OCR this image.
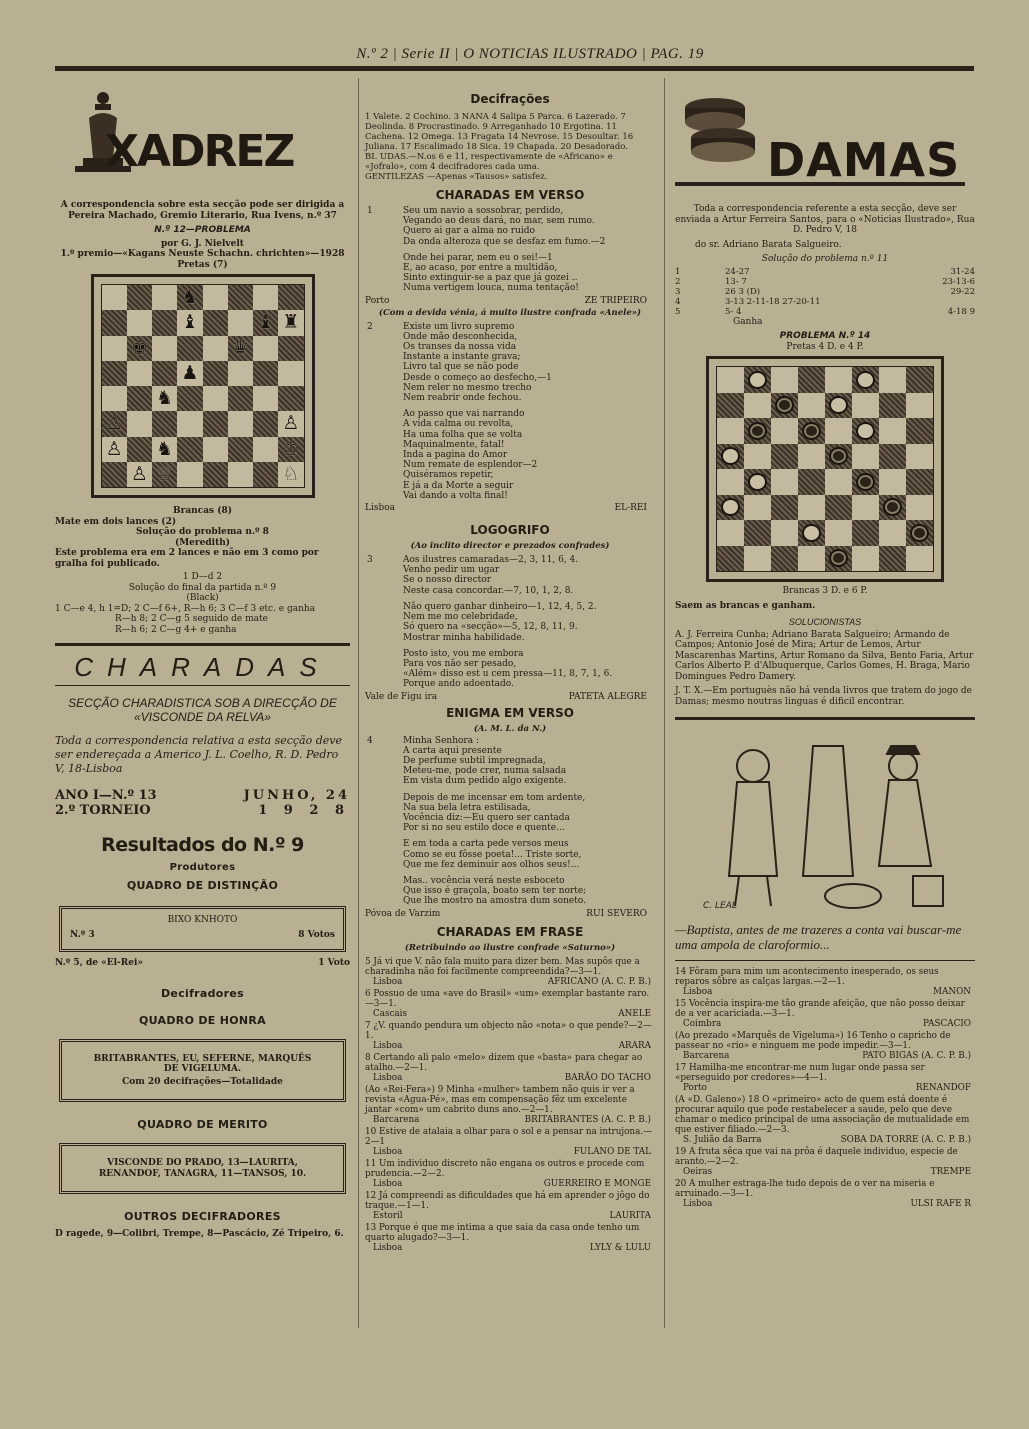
N.º 2 | Serie II | O NOTICIAS ILUSTRADO | PAG. 19
XADREZ
A correspondencia sobre esta secção pode ser dirigida a Pereira Machado, Gremio Literario, Rua Ivens, n.º 37
N.º 12—PROBLEMA
por G. J. Nielvelt
1.º premio—«Kagans Neuste Schachn. chrichten»—1928
Pretas (7)
♞
♝	♝ ♜
♚	♛
♟
♞
♙	♙
♙ ♞	♔
♙ ♕	♘
Brancas (8)
Mate em dois lances (2)
Solução do problema n.º 8
(Meredith)
Este problema era em 2 lances e não em 3 como por gralha foi publicado.
1 D—d 2
Solução do final da partida n.º 9
(Black)
1 C—e 4, h 1=D; 2 C—f 6+, R—h 6; 3 C—f 3 etc. e ganha
R—h 8; 2 C—g 5 seguido de mate
R—h 6; 2 C—g 4+ e ganha
CHARADAS
SECÇÃO CHARADISTICA SOB A DIRECÇÃO DE «VISCONDE DA RELVA»
Toda a correspondencia relativa a esta secção deve ser endereçada a Americo J. L. Coelho, R. D. Pedro V, 18-Lisboa
ANO I—N.º 13	JUNHO, 24
2.º TORNEIO	1 9 2 8
Resultados do N.º 9
Produtores
QUADRO DE DISTINÇÃO
BIXO KNHOTO
N.º 3	8 Votos
N.º 5, de «El-Rei»	1 Voto
Decifradores
QUADRO DE HONRA
BRITABRANTES, EU, SEFERNE, MARQUÊS DE VIGELUMA.
Com 20 decifrações—Totalidade
QUADRO DE MERITO
VISCONDE DO PRADO, 13—LAURITA, RENANDOF, TANAGRA, 11—TANSOS, 10.
OUTROS DECIFRADORES
D ragede, 9—Colibri, Trempe, 8—Pascácio, Zé Tripeiro, 6.
Decifrações
1 Valete. 2 Cochino. 3 NANA 4 Salipa 5 Parca. 6 Lazerado. 7 Deolinda. 8 Procrastinado. 9 Arreganhado 10 Ergotina. 11 Cachena. 12 Omega. 13 Fragata 14 Nevrose. 15 Desoultar. 16 Juliana. 17 Escalimado 18 Sica. 19 Chapada. 20 Desadorado.
BI. UDAS.—N.os 6 e 11, respectivamente de «Africano» e «Jofralo», com 4 decifradores cada uma.
GENTILEZAS —Apenas «Tausos» satisfez.
CHARADAS EM VERSO
1	Seu um navio a sossobrar, perdido,
Vegando ao deus dará, no mar, sem rumo.
Quero ai gar a alma no ruido
Da onda alteroza que se desfaz em fumo.—2
Onde hei parar, nem eu o sei!—1
E, ao acaso, por entre a multidão,
Sinto extinguir-se a paz que já gozei ..
Numa vertigem louca, numa tentação!
Porto	ZE TRIPEIRO
(Com a devida vénia, á muito ilustre confrada «Anele»)
2	Existe um livro supremo
Onde mão desconhecida,
Os transes da nossa vida
Instante a instante grava;
Livro tal que se não pode
Desde o começo ao desfecho,—1
Nem reler no mesmo trecho
Nem reabrir onde fechou.
Ao passo que vai narrando
A vida calma ou revolta,
Ha uma folha que se volta
Maquinalmente, fatal!
Inda a pagina do Amor
Num remate de esplendor—2
Quiséramos repetir,
E já a da Morte a seguir
Vai dando a volta final!
Lisboa	EL-REI
LOGOGRIFO
(Ao inclito director e prezados confrades)
3	Aos ilustres camaradas—2, 3, 11, 6, 4.
Venho pedir um ugar
Se o nosso director
Neste casa concordar.—7, 10, 1, 2, 8.
Não quero ganhar dinheiro—1, 12, 4, 5, 2.
Nem me mo celebridade,
Só quero na «secção»—5, 12, 8, 11, 9.
Mostrar minha habilidade.
Posto isto, vou me embora
Para vos não ser pesado,
«Além» disso est u cem pressa—11, 8, 7, 1, 6.
Porque ando adoentado.
Vale de Figu ira	PATETA ALEGRE
ENIGMA EM VERSO
(A. M. L. da N.)
4	Minha Senhora :
A carta aqui presente
De perfume subtil impregnada,
Meteu-me, pode crer, numa salsada
Em vista dum pedido algo exigente.
Depois de me incensar em tom ardente,
Na sua bela letra estilisada,
Vocência diz:—Eu quero ser cantada
Por si no seu estilo doce e quente...
E em toda a carta pede versos meus
Como se eu fôsse poeta!... Triste sorte,
Que me fez deminuir aos olhos seus!...
Mas.. vocência verá neste esboceto
Que isso é graçola, boato sem ter norte;
Que lhe mostro na amostra dum soneto.
Póvoa de Varzim	RUI SEVERO
CHARADAS EM FRASE
(Retribuindo ao ilustre confrade «Saturno»)
5 Já vi que V. não fala muito para dizer bem. Mas supôs que a charadinha não foi facilmente compreendida?—3—1.
Lisboa	AFRICANO (A. C. P. B.)
6 Possuo de uma «ave do Brasil» «um» exemplar bastante raro.—3—1.
Cascais	ANELE
7 ¿V. quando pendura um objecto não «nota» o que pende?—2—1.
Lisboa	ARARA
8 Certando ali palo «melo» dizem que «basta» para chegar ao atalho.—2—1.
Lisboa	BARÃO DO TACHO
(Ao «Rei-Fera») 9 Minha «mulher» tambem não quis ir ver a revista «Agua-Pé», mas em compensação fêz um excelente jantar «com» um cabrito duns ano.—2—1.
Barcarena	BRITABRANTES (A. C. P. B.)
10 Estive de atalaia a olhar para o sol e a pensar na intrujona.—2—1
Lisboa	FULANO DE TAL
11 Um individuo discreto não engana os outros e procede com prudencia.—2—2.
Lisboa	GUERREIRO E MONGE
12 Já compreendi as dificuldades que há em aprender o jôgo do traque.—1—1.
Estoril	LAURITA
13 Porque é que me intima a que saia da casa onde tenho um quarto alugado?—3—1.
Lisboa	LYLY & LULU
DAMAS
Toda a correspondencia referente a esta secção, deve ser enviada a Artur Ferreira Santos, para o «Noticias Ilustrado», Rua D. Pedro V, 18
do sr. Adriano Barata Salgueiro.
Solução do problema n.º 11
1	24-27	31-24
2	13- 7	23-13-6
3	26 3 (D)	29-22
4	3-13 2-11-18 27-20-11
5	5- 4	4-18 9
Ganha
PROBLEMA N.º 14
Pretas 4 D. e 4 P.
Brancas 3 D. e 6 P.
Saem as brancas e ganham.
SOLUCIONISTAS
A. J. Ferreira Cunha; Adriano Barata Salgueiro; Armando de Campos; Antonio José de Mira; Artur de Lemos, Artur Mascarenhas Martins, Artur Romano da Silva, Bento Faria, Artur Carlos Alberto P. d'Albuquerque, Carlos Gomes, H. Braga, Mario Domingues Pedro Damery.
J. T. X.—Em portuguès não há venda livros que tratem do jogo de Damas; mesmo noutras linguas é dificil encontrar.
C. LEAL
—Baptista, antes de me trazeres a conta vai buscar-me uma ampola de claroformio...
14 Fôram para mim um acontecimento inesperado, os seus reparos sôbre as calças largas.—2—1.
Lisboa	MANON
15 Vocência inspira-me tão grande afeição, que não posso deixar de a ver acariciada.—3—1.
Coimbra	PASCACIO
(Ao prezado «Marquês de Vigeluma») 16 Tenho o capricho de passear no «rio» e ninguem me pode impedir.—3—1.
Barcarena	PATO BIGAS (A. C. P. B.)
17 Hamilha-me encontrar-me num lugar onde passa ser «perseguido por credores»—4—1.
Porto	RENANDOF
(A «D. Galeno») 18 O «primeiro» acto de quem está doente é procurar aquilo que pode restabelecer a saude, pelo que deve chamar o medico principal de uma associação de mutualidade em que estiver filiado.—2—3.
S. Julião da Barra	SOBA DA TORRE (A. C. P. B.)
19 A fruta sêca que vai na prôa é daquele individuo, especie de aranto.—2—2.
Oeiras	TREMPE
20 A mulher estraga-lhe tudo depois de o ver na miseria e arruinado.—3—1.
Lisboa	ULSI RAFE R
